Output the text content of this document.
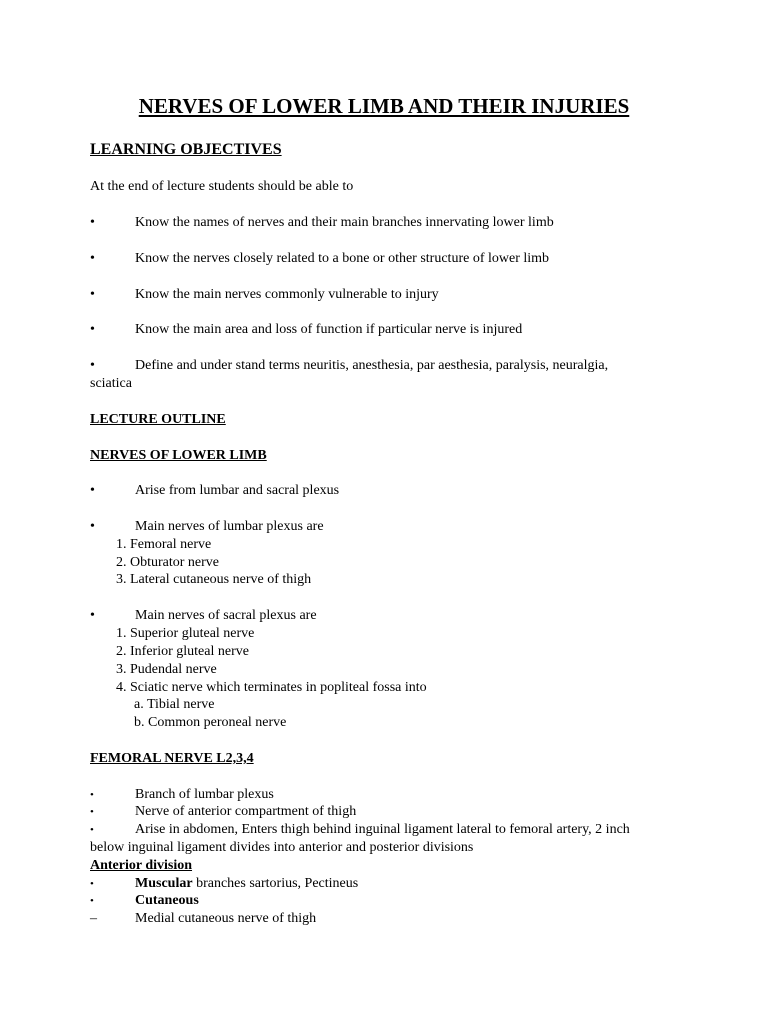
NERVES OF LOWER LIMB AND THEIR INJURIES
LEARNING OBJECTIVES
At the end of lecture students should be able to
•	Know the names of nerves and their main branches innervating lower limb
•	Know the nerves closely related to a bone or other structure of lower limb
•	Know the main nerves commonly vulnerable to injury
•	Know the main area and loss of function if particular nerve is injured
•	Define and under stand terms neuritis, anesthesia, par aesthesia, paralysis, neuralgia,
sciatica
LECTURE OUTLINE
NERVES OF LOWER LIMB
•	Arise from lumbar and sacral plexus
•	Main nerves of lumbar plexus are
1. Femoral nerve
2. Obturator nerve
3. Lateral cutaneous nerve of thigh
•	Main nerves of sacral plexus are
1. Superior gluteal nerve
2. Inferior gluteal nerve
3. Pudendal nerve
4. Sciatic nerve which terminates in popliteal fossa into
a. Tibial nerve
b. Common peroneal nerve
FEMORAL NERVE L2,3,4
•	Branch of lumbar plexus
•	Nerve of anterior compartment of thigh
•	Arise in abdomen, Enters thigh behind inguinal ligament lateral to femoral artery, 2 inch
below inguinal ligament divides into anterior and posterior divisions
Anterior division
•	Muscular branches sartorius, Pectineus
•	Cutaneous
–	Medial cutaneous nerve of thigh
